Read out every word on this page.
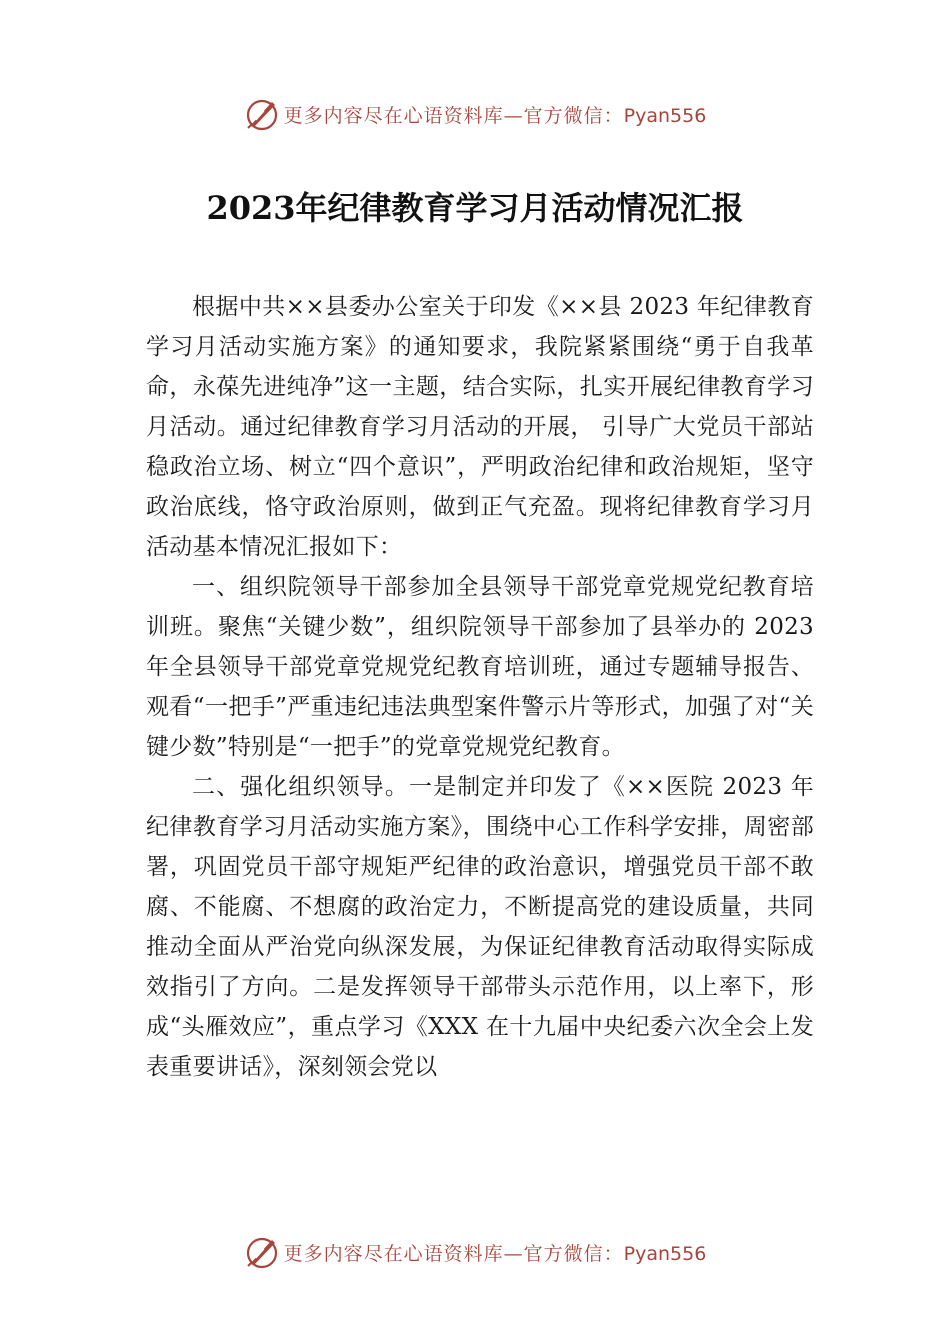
更多内容尽在心语资料库—官方微信：Pyan556
2023年纪律教育学习月活动情况汇报

根据中共××县委办公室关于印发《××县 2023 年纪律教育学习月活动实施方案》的通知要求，我院紧紧围绕“勇于自我革命，永葆先进纯净”这一主题，结合实际，扎实开展纪律教育学习月活动。通过纪律教育学习月活动的开展， 引导广大党员干部站稳政治立场、树立“四个意识”，严明政治纪律和政治规矩，坚守政治底线，恪守政治原则，做到正气充盈。现将纪律教育学习月活动基本情况汇报如下：

一、组织院领导干部参加全县领导干部党章党规党纪教育培训班。聚焦“关键少数”，组织院领导干部参加了县举办的 2023 年全县领导干部党章党规党纪教育培训班，通过专题辅导报告、观看“一把手”严重违纪违法典型案件警示片等形式，加强了对“关键少数”特别是“一把手”的党章党规党纪教育。

二、强化组织领导。一是制定并印发了《××医院 2023 年纪律教育学习月活动实施方案》，围绕中心工作科学安排，周密部署，巩固党员干部守规矩严纪律的政治意识，增强党员干部不敢腐、不能腐、不想腐的政治定力，不断提高党的建设质量，共同推动全面从严治党向纵深发展，为保证纪律教育活动取得实际成效指引了方向。二是发挥领导干部带头示范作用，以上率下，形成“头雁效应”，重点学习《XXX 在十九届中央纪委六次全会上发表重要讲话》，深刻领会党以

更多内容尽在心语资料库—官方微信：Pyan556
